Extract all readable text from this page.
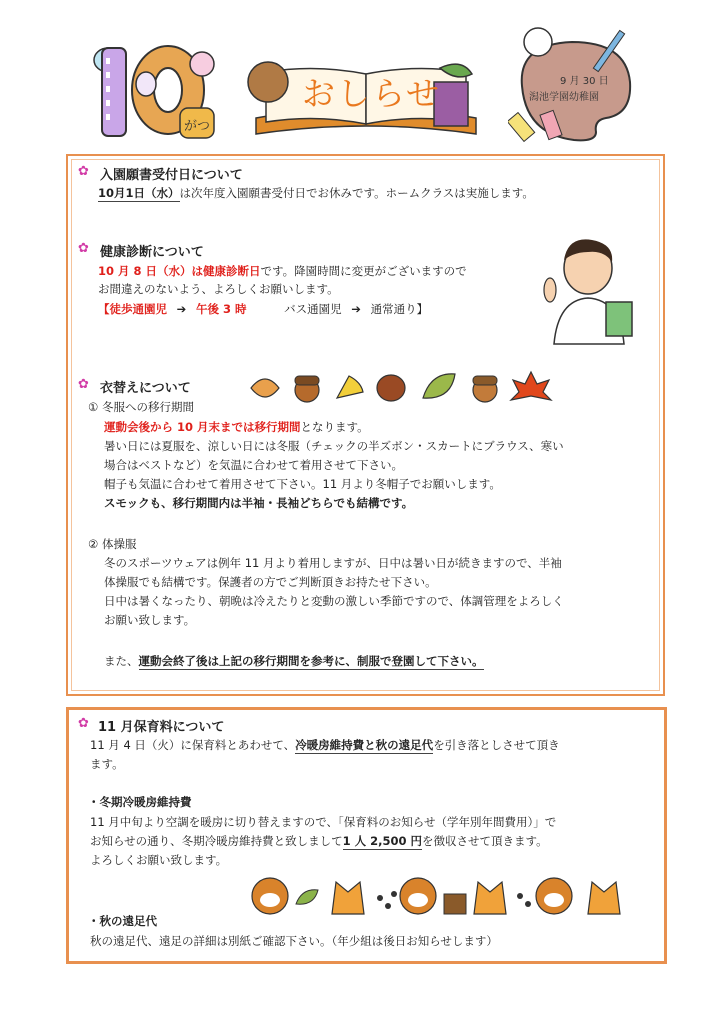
がつ
おしらせ	9 月 30 日
潟池学園幼稚園
✿ 入園願書受付日について
10月1日（水）は次年度入園願書受付日でお休みです。ホームクラスは実施します。
✿ 健康診断について
10 月 8 日（水）は健康診断日です。降園時間に変更がございますので
お間違えのないよう、よろしくお願いします。
【徒歩通園児 ➔ 午後 3 時	バス通園児 ➔ 通常通り】
✿ 衣替えについて
① 冬服への移行期間
運動会後から 10 月末までは移行期間となります。
暑い日には夏服を、涼しい日には冬服（チェックの半ズボン・スカートにブラウス、寒い
場合はベストなど）を気温に合わせて着用させて下さい。
帽子も気温に合わせて着用させて下さい。11 月より冬帽子でお願いします。
スモックも、移行期間内は半袖・長袖どちらでも結構です。
② 体操服
冬のスポーツウェアは例年 11 月より着用しますが、日中は暑い日が続きますので、半袖
体操服でも結構です。保護者の方でご判断頂きお持たせ下さい。
日中は暑くなったり、朝晩は冷えたりと変動の激しい季節ですので、体調管理をよろしく
お願い致します。
また、運動会終了後は上記の移行期間を参考に、制服で登園して下さい。
✿ 11 月保育料について
11 月 4 日（火）に保育料とあわせて、冷暖房維持費と秋の遠足代を引き落としさせて頂き
ます。
・冬期冷暖房維持費
11 月中旬より空調を暖房に切り替えますので、「保育料のお知らせ（学年別年間費用）」で
お知らせの通り、冬期冷暖房維持費と致しまして1 人 2,500 円を徴収させて頂きます。
よろしくお願い致します。
・秋の遠足代
秋の遠足代、遠足の詳細は別紙ご確認下さい。（年少組は後日お知らせします）
